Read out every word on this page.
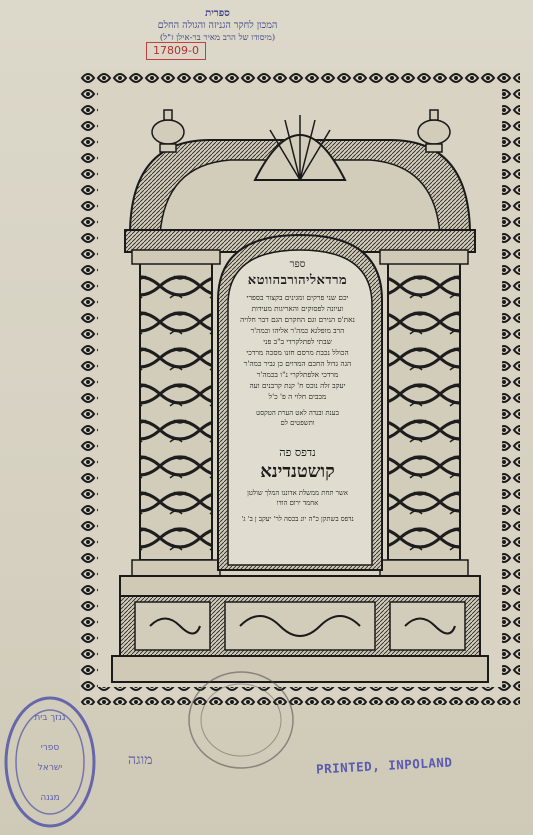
ספרית
המכון לחקר הגניזה והגולה החלם
(מיסודו של הרב מאיר בר-אילן ז"ל)
17809-0
ספר
מרדאליהורבהווטא
יכם שני פרקים ומגינים בקצור בספרי
ועיונה לפסוקים והאריגות מעידות
נאת'ס הנירם וגם החקרם הגם דבר חלויה
הרב מופלגא כמה'ר אליהו וכמה'ר
שבתי לפתלקרדי ב"ב פני
הכולל נכבת מרסם חזנו מסכה מרדכי
הגה גדול החכם המדוים כן גביר כמה'ר
מרדכי אלפתלקרי נ"ו בכמה'ר
יעקב זלה נוכס ח' קנת קרבנים ועה
מכבים חלוי ה פ' כ'ל
בענת ובנדה לאט הערת הטקסט
ותשפטים לם
נדפס פה
קושטנדינא
אשר תחת ממשלת אדוננו המלך שולטן
אחמד ירום הודו
נדפס בשתקן כ"ה יונ בכסה לר' יעקב ן ב' ג'
גנזך בית
ספרי
ישראל
מגנה
מוגה	PRINTED, INPOLAND
